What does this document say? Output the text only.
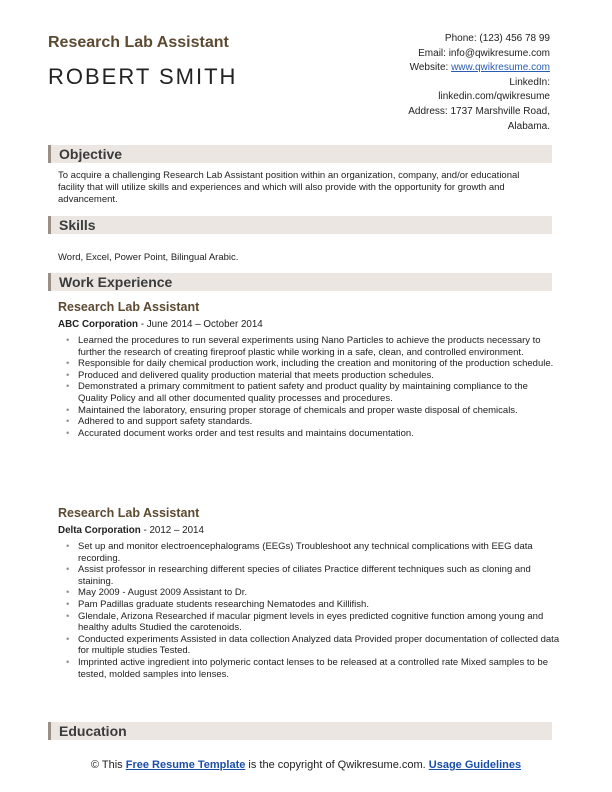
Research Lab Assistant
ROBERT SMITH
Phone: (123) 456 78 99
Email: info@qwikresume.com
Website: www.qwikresume.com
LinkedIn:
linkedin.com/qwikresume
Address: 1737 Marshville Road,
Alabama.
Objective

To acquire a challenging Research Lab Assistant position within an organization, company, and/or educational facility that will utilize skills and experiences and which will also provide with the opportunity for growth and advancement.

Skills

Word, Excel, Power Point, Bilingual Arabic.

Work Experience
Research Lab Assistant

ABC Corporation - June 2014 – October 2014

• Learned the procedures to run several experiments using Nano Particles to achieve the products necessary to further the research of creating fireproof plastic while working in a safe, clean, and controlled environment.
• Responsible for daily chemical production work, including the creation and monitoring of the production schedule.
• Produced and delivered quality production material that meets production schedules.
• Demonstrated a primary commitment to patient safety and product quality by maintaining compliance to the Quality Policy and all other documented quality processes and procedures.
• Maintained the laboratory, ensuring proper storage of chemicals and proper waste disposal of chemicals.
• Adhered to and support safety standards.
• Accurated document works order and test results and maintains documentation.
Research Lab Assistant

Delta Corporation - 2012 – 2014

• Set up and monitor electroencephalograms (EEGs) Troubleshoot any technical complications with EEG data recording.
• Assist professor in researching different species of ciliates Practice different techniques such as cloning and staining.
• May 2009 - August 2009 Assistant to Dr.
• Pam Padillas graduate students researching Nematodes and Killifish.
• Glendale, Arizona Researched if macular pigment levels in eyes predicted cognitive function among young and healthy adults Studied the carotenoids.
• Conducted experiments Assisted in data collection Analyzed data Provided proper documentation of collected data for multiple studies Tested.
• Imprinted active ingredient into polymeric contact lenses to be released at a controlled rate Mixed samples to be tested, molded samples into lenses.
Education
© This Free Resume Template is the copyright of Qwikresume.com. Usage Guidelines
